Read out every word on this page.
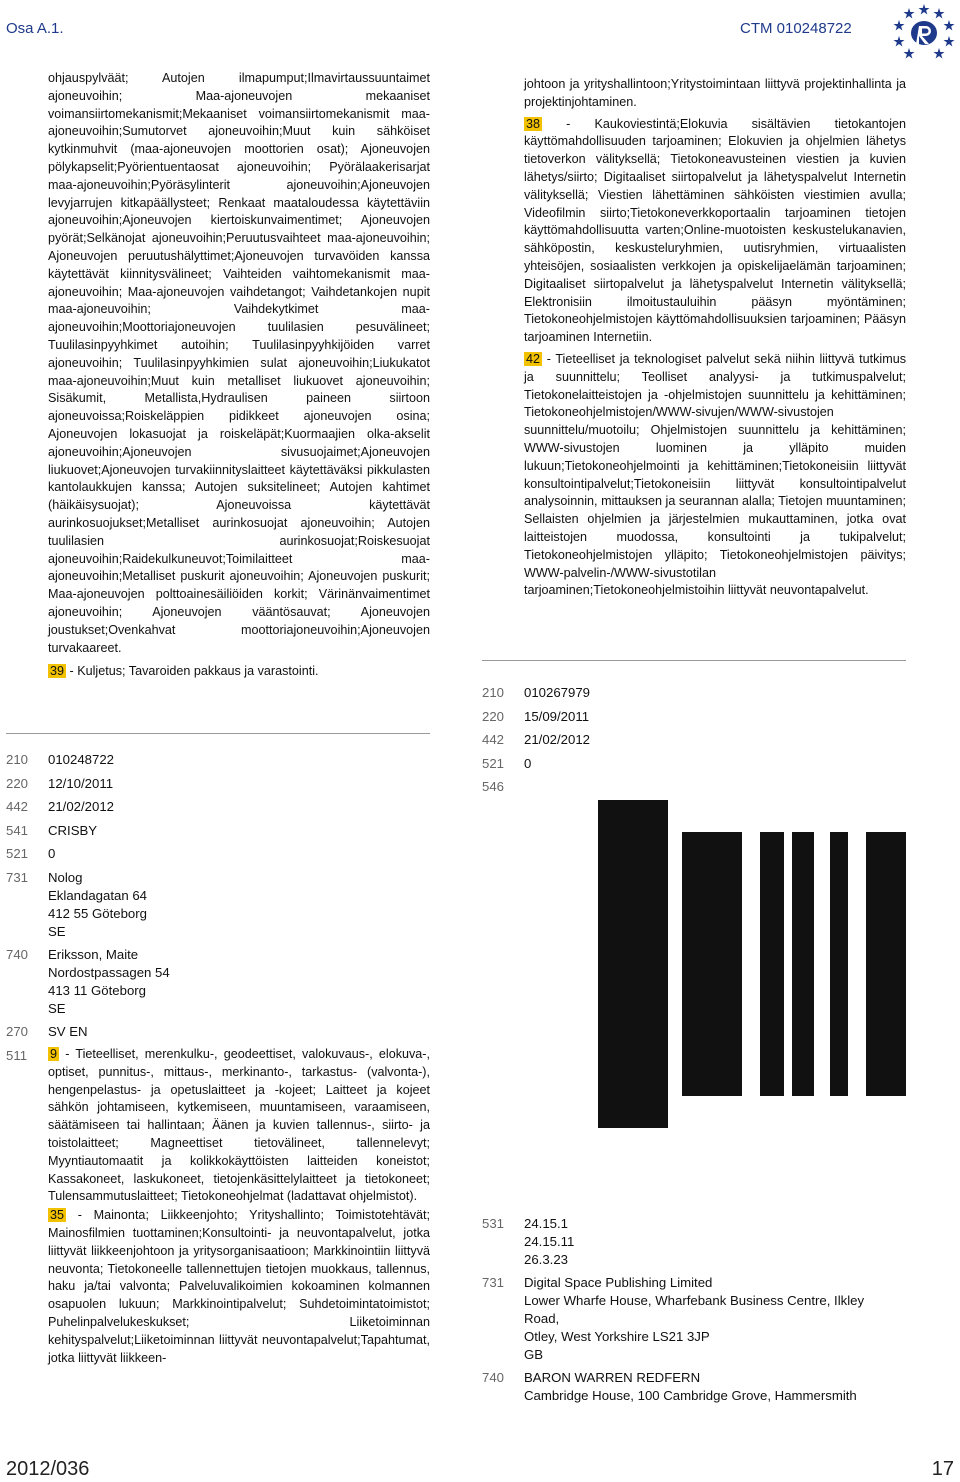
Osa A.1.	CTM 010248722

ohjauspylväät; Autojen ilmapumput;Ilmavirtaussuuntaimet ajoneuvoihin; Maa-ajoneuvojen mekaaniset voimansiirtomekanismit;Mekaaniset voimansiirtomekanismit maa-ajoneuvoihin;Sumutorvet ajoneuvoihin;Muut kuin sähköiset kytkinmuhvit (maa-ajoneuvojen moottorien osat); Ajoneuvojen pölykapselit;Pyörientuentaosat ajoneuvoihin; Pyörälaakerisarjat maa-ajoneuvoihin;Pyöräsylinterit ajoneuvoihin;Ajoneuvojen levyjarrujen kitkapäällysteet; Renkaat maataloudessa käytettäviin ajoneuvoihin;Ajoneuvojen kiertoiskunvaimentimet; Ajoneuvojen pyörät;Selkänojat ajoneuvoihin;Peruutusvaihteet maa-ajoneuvoihin; Ajoneuvojen peruutushälyttimet;Ajoneuvojen turvavöiden kanssa käytettävät kiinnitysvälineet; Vaihteiden vaihtomekanismit maa-ajoneuvoihin; Maa-ajoneuvojen vaihdetangot; Vaihdetankojen nupit maa-ajoneuvoihin; Vaihdekytkimet maa-ajoneuvoihin;Moottoriajoneuvojen tuulilasien pesuvälineet; Tuulilasinpyyhkimet autoihin; Tuulilasinpyyhkijöiden varret ajoneuvoihin; Tuulilasinpyyhkimien sulat ajoneuvoihin;Liukukatot maa-ajoneuvoihin;Muut kuin metalliset liukuovet ajoneuvoihin; Sisäkumit, Metallista,Hydraulisen paineen siirtoon ajoneuvoissa;Roiskeläppien pidikkeet ajoneuvojen osina; Ajoneuvojen lokasuojat ja roiskeläpät;Kuormaajien olka-akselit ajoneuvoihin;Ajoneuvojen sivusuojaimet;Ajoneuvojen liukuovet;Ajoneuvojen turvakiinnityslaitteet käytettäväksi pikkulasten kantolaukkujen kanssa; Autojen suksitelineet; Autojen kahtimet (häikäisysuojat); Ajoneuvoissa käytettävät aurinkosuojukset;Metalliset aurinkosuojat ajoneuvoihin; Autojen tuulilasien aurinkosuojat;Roiskesuojat ajoneuvoihin;Raidekulkuneuvot;Toimilaitteet maa-ajoneuvoihin;Metalliset puskurit ajoneuvoihin; Ajoneuvojen puskurit; Maa-ajoneuvojen polttoainesäiliöiden korkit; Värinänvaimentimet ajoneuvoihin; Ajoneuvojen vääntösauvat; Ajoneuvojen joustukset;Ovenkahvat moottoriajoneuvoihin;Ajoneuvojen turvakaareet.

39 - Kuljetus; Tavaroiden pakkaus ja varastointi.

210	010248722
220	12/10/2011
442	21/02/2012
541	CRISBY
521	0
731	Nolog
Eklandagatan 64
412 55 Göteborg
SE
740	Eriksson, Maite
Nordostpassagen 54
413 11 Göteborg
SE
270	SV EN
511	9 - Tieteelliset, merenkulku-, geodeettiset, valokuvaus-, elokuva-, optiset, punnitus-, mittaus-, merkinanto-, tarkastus- (valvonta-), hengenpelastus- ja opetuslaitteet ja -kojeet; Laitteet ja kojeet sähkön johtamiseen, kytkemiseen, muuntamiseen, varaamiseen, säätämiseen tai hallintaan; Äänen ja kuvien tallennus-, siirto- ja toistolaitteet; Magneettiset tietovälineet, tallennelevyt; Myyntiautomaatit ja kolikkokäyttöisten laitteiden koneistot; Kassakoneet, laskukoneet, tietojenkäsittelylaitteet ja tietokoneet; Tulensammutuslaitteet; Tietokoneohjelmat (ladattavat ohjelmistot).

35 - Mainonta; Liikkeenjohto; Yrityshallinto; Toimistotehtävät; Mainosfilmien tuottaminen;Konsultointi- ja neuvontapalvelut, jotka liittyvät liikkeenjohtoon ja yritysorganisaatioon; Markkinointiin liittyvä neuvonta; Tietokoneelle tallennettujen tietojen muokkaus, tallennus, haku ja/tai valvonta; Palveluvalikoimien kokoaminen kolmannen osapuolen lukuun; Markkinointipalvelut; Suhdetoimintatoimistot; Puhelinpalvelukeskukset; Liiketoiminnan kehityspalvelut;Liiketoiminnan liittyvät neuvontapalvelut;Tapahtumat, jotka liittyvät liikkeen-

johtoon ja yrityshallintoon;Yritystoimintaan liittyvä projektinhallinta ja projektinjohtaminen.

38 - Kaukoviestintä;Elokuvia sisältävien tietokantojen käyttömahdollisuuden tarjoaminen; Elokuvien ja ohjelmien lähetys tietoverkon välityksellä; Tietokoneavusteinen viestien ja kuvien lähetys/siirto; Digitaaliset siirtopalvelut ja lähetyspalvelut Internetin välityksellä; Viestien lähettäminen sähköisten viestimien avulla; Videofilmin siirto;Tietokoneverkkoportaalin tarjoaminen tietojen käyttömahdollisuutta varten;Online-muotoisten keskustelukanavien, sähköpostin, keskusteluryhmien, uutisryhmien, virtuaalisten yhteisöjen, sosiaalisten verkkojen ja opiskelijaelämän tarjoaminen; Digitaaliset siirtopalvelut ja lähetyspalvelut Internetin välityksellä; Elektronisiin ilmoitustauluihin pääsyn myöntäminen; Tietokoneohjelmistojen käyttömahdollisuuksien tarjoaminen; Pääsyn tarjoaminen Internetiin.

42 - Tieteelliset ja teknologiset palvelut sekä niihin liittyvä tutkimus ja suunnittelu; Teolliset analyysi- ja tutkimuspalvelut; Tietokonelaitteistojen ja -ohjelmistojen suunnittelu ja kehittäminen; Tietokoneohjelmistojen/WWW-sivujen/WWW-sivustojen suunnittelu/muotoilu; Ohjelmistojen suunnittelu ja kehittäminen; WWW-sivustojen luominen ja ylläpito muiden lukuun;Tietokoneohjelmointi ja kehittäminen;Tietokoneisiin liittyvät konsultointipalvelut;Tietokoneisiin liittyvät konsultointipalvelut analysoinnin, mittauksen ja seurannan alalla; Tietojen muuntaminen; Sellaisten ohjelmien ja järjestelmien mukauttaminen, jotka ovat laitteistojen muodossa, konsultointi ja tukipalvelut; Tietokoneohjelmistojen ylläpito; Tietokoneohjelmistojen päivitys; WWW-palvelin-/WWW-sivustotilan tarjoaminen;Tietokoneohjelmistoihin liittyvät neuvontapalvelut.

210	010267979
220	15/09/2011
442	21/02/2012
521	0
546
531	24.15.1
24.15.11
26.3.23
731	Digital Space Publishing Limited
Lower Wharfe House, Wharfebank Business Centre, Ilkley
Road,
Otley, West Yorkshire LS21 3JP
GB
740	BARON WARREN REDFERN
Cambridge House, 100 Cambridge Grove, Hammersmith
2012/036	17
